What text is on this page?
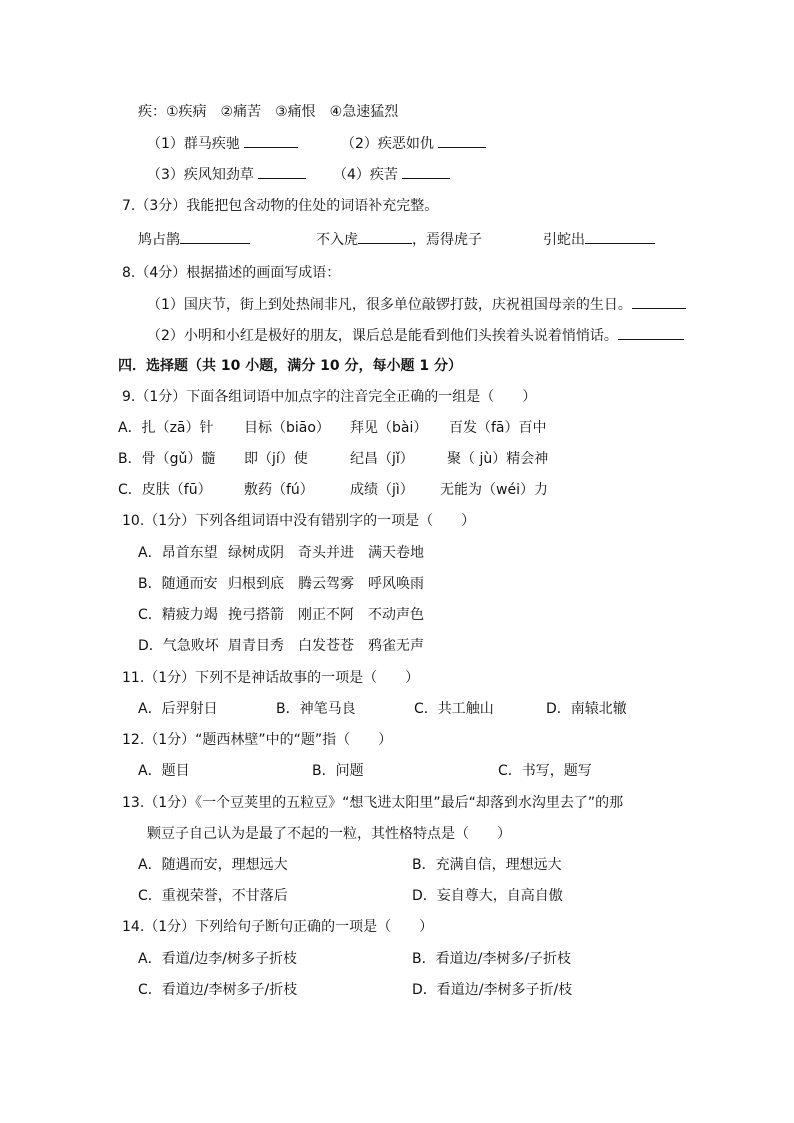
疾：①疾病　②痛苦　③痛恨　④急速猛烈
（1）群马疾驰	（2）疾恶如仇
（3）疾风知劲草	（4）疾苦
7.（3分）我能把包含动物的住处的词语补充完整。
鸠占鹊	不入虎	，焉得虎子	引蛇出
8.（4分）根据描述的画面写成语：
（1）国庆节，街上到处热闹非凡，很多单位敲锣打鼓，庆祝祖国母亲的生日。
（2）小明和小红是极好的朋友，课后总是能看到他们头挨着头说着悄悄话。
四．选择题（共 10 小题，满分 10 分，每小题 1 分）
9.（1分）下面各组词语中加点字的注音完全正确的一组是（　　）
A．扎（zā）针 目标（biāo） 拜见（bài） 百发（fā）百中
B．骨（gǔ）髓 即（jí）使	纪昌（jǐ） 聚（ jù）精会神
C．皮肤（fū） 敷药（fú）	成绩（jì） 无能为（wéi）力
10.（1分）下列各组词语中没有错别字的一项是（　　）
A．昂首东望 绿树成阴 奇头并进 满天卷地
B．随通而安 归根到底 腾云驾雾 呼风唤雨
C．精疲力竭 挽弓搭箭 刚正不阿 不动声色
D．气急败坏 眉青目秀 白发苍苍 鸦雀无声
11.（1分）下列不是神话故事的一项是（　　）
A．后羿射日	B．神笔马良	C．共工触山	D．南辕北辙
12.（1分）“题西林壁”中的“题”指（　　）
A．题目	B．问题	C．书写，题写
13.（1分）《一个豆荚里的五粒豆》“想飞进太阳里”最后“却落到水沟里去了”的那
颗豆子自己认为是最了不起的一粒，其性格特点是（　　）
A．随遇而安，理想远大	B．充满自信，理想远大
C．重视荣誉，不甘落后	D．妄自尊大，自高自傲
14.（1分）下列给句子断句正确的一项是（　　）
A．看道/边李/树多子折枝	B．看道边/李树多/子折枝
C．看道边/李树多子/折枝	D．看道边/李树多子折/枝
